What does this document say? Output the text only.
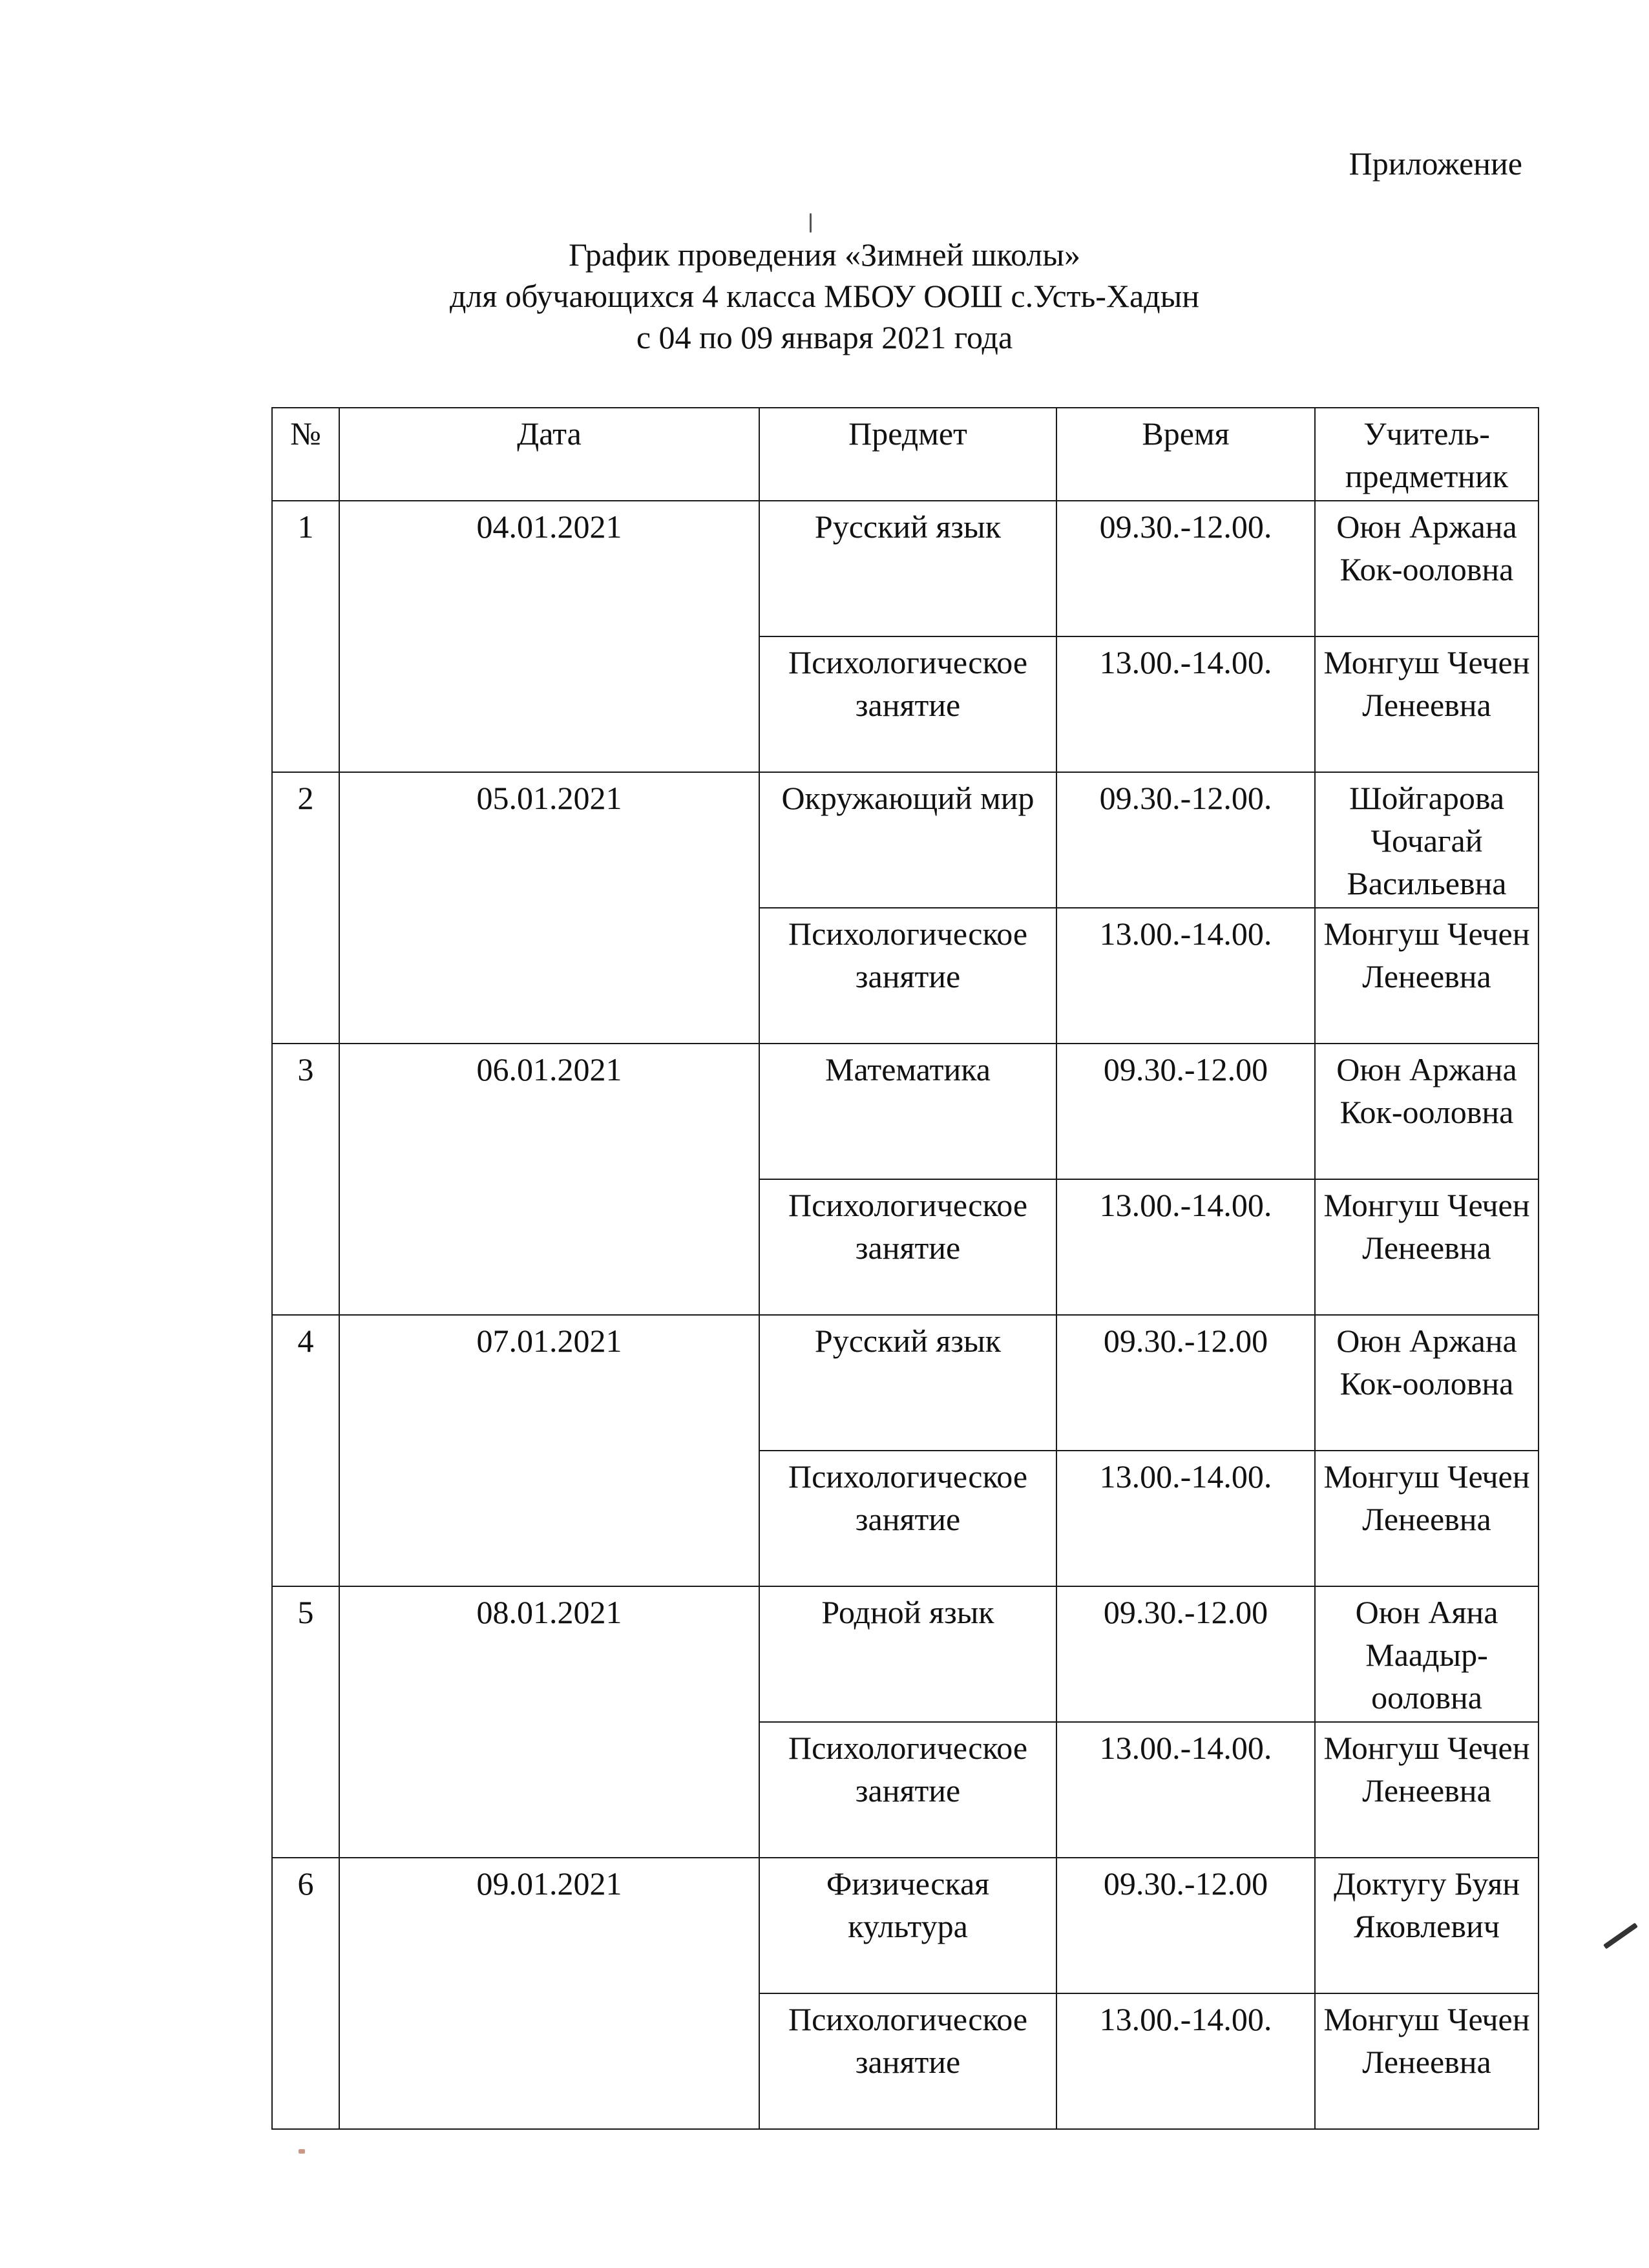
Приложение
График проведения «Зимней школы»
для обучающихся 4 класса МБОУ ООШ с.Усть-Хадын
с 04 по 09 января 2021 года
№	Дата	Предмет	Время	Учитель-предметник
1	04.01.2021	Русский язык	09.30.-12.00.	Оюн Аржана Кок-ооловна
		Психологическое занятие	13.00.-14.00.	Монгуш Чечен Ленеевна
2	05.01.2021	Окружающий мир	09.30.-12.00.	Шойгарова Чочагай Васильевна
		Психологическое занятие	13.00.-14.00.	Монгуш Чечен Ленеевна
3	06.01.2021	Математика	09.30.-12.00	Оюн Аржана Кок-ооловна
		Психологическое занятие	13.00.-14.00.	Монгуш Чечен Ленеевна
4	07.01.2021	Русский язык	09.30.-12.00	Оюн Аржана Кок-ооловна
		Психологическое занятие	13.00.-14.00.	Монгуш Чечен Ленеевна
5	08.01.2021	Родной язык	09.30.-12.00	Оюн Аяна Маадыр-ооловна
		Психологическое занятие	13.00.-14.00.	Монгуш Чечен Ленеевна
6	09.01.2021	Физическая культура	09.30.-12.00	Доктугу Буян Яковлевич
		Психологическое занятие	13.00.-14.00.	Монгуш Чечен Ленеевна
